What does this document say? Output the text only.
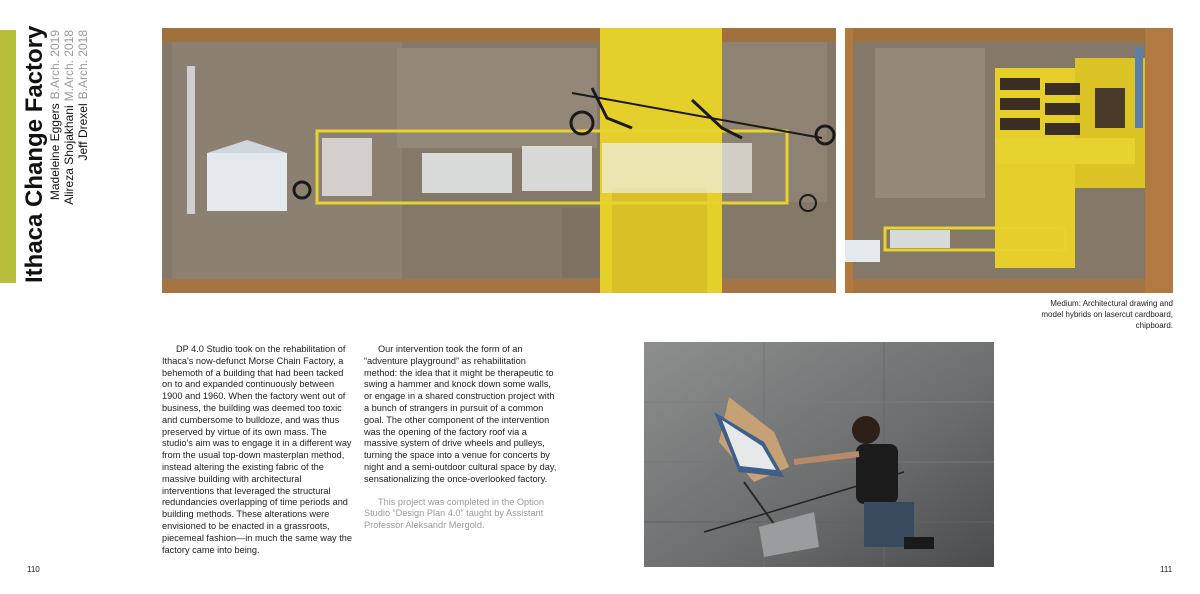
Ithaca Change Factory Madeleine EggersB.Arch. 2019
Alireza ShojakhaniM.Arch. 2018
Jeff DrexelB.Arch. 2018
Medium: Architectural drawing and model hybrids on lasercut cardboard, chipboard.

DP 4.0 Studio took on the rehabilitation of Ithaca's now-defunct Morse Chain Factory, a behemoth of a building that had been tacked on to and expanded continuously between 1900 and 1960. When the factory went out of business, the building was deemed too toxic and cumbersome to bulldoze, and was thus preserved by virtue of its own mass. The studio's aim was to engage it in a different way from the usual top-down masterplan method, instead altering the existing fabric of the massive building with architectural interventions that leveraged the structural redundancies overlapping of time periods and building methods. These alterations were envisioned to be enacted in a grassroots, piecemeal fashion—in much the same way the factory came into being.

Our intervention took the form of an “adventure playground” as rehabilitation method: the idea that it might be therapeutic to swing a hammer and knock down some walls, or engage in a shared construction project with a bunch of strangers in pursuit of a common goal. The other component of the intervention was the opening of the factory roof via a massive system of drive wheels and pulleys, turning the space into a venue for concerts by night and a semi-outdoor cultural space by day, sensationalizing the once-overlooked factory.

This project was completed in the Option Studio “Design Plan 4.0” taught by Assistant Professor Aleksandr Mergold.

110	111
